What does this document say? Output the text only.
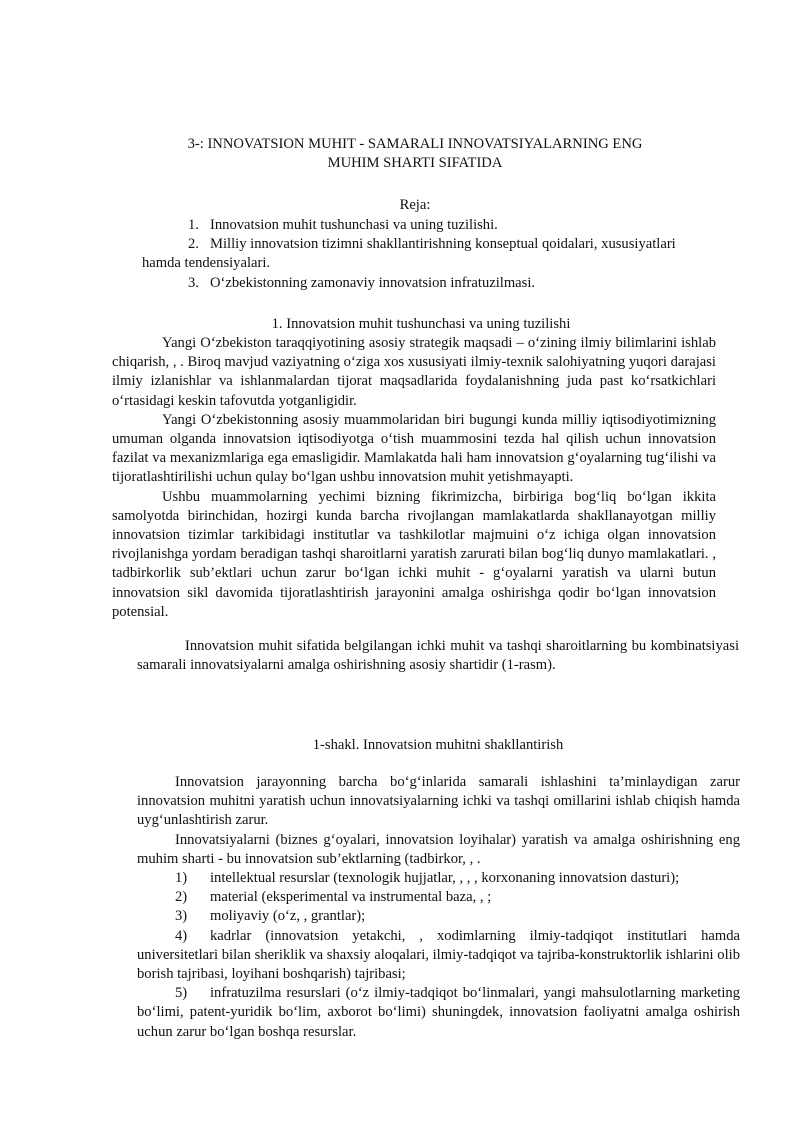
3-: INNOVATSION MUHIT - SAMARALI INNOVATSIYALARNING ENG
MUHIM SHARTI SIFATIDA
Reja:
1. Innovatsion muhit tushunchasi va uning tuzilishi.
2. Milliy innovatsion tizimni shakllantirishning konseptual qoidalari, xususiyatlari
hamda tendensiyalari.
3. O‘zbekistonning zamonaviy innovatsion infratuzilmasi.
1. Innovatsion muhit tushunchasi va uning tuzilishi

Yangi O‘zbekiston taraqqiyotining asosiy strategik maqsadi – o‘zining ilmiy bilimlarini ishlab chiqarish, , . Biroq mavjud vaziyatning o‘ziga xos xususiyati ilmiy-texnik salohiyatning yuqori darajasi ilmiy izlanishlar va ishlanmalardan tijorat maqsadlarida foydalanishning juda past ko‘rsatkichlari o‘rtasidagi keskin tafovutda yotganligidir.

Yangi O‘zbekistonning asosiy muammolaridan biri bugungi kunda milliy iqtisodiyotimizning umuman olganda innovatsion iqtisodiyotga o‘tish muammosini tezda hal qilish uchun innovatsion fazilat va mexanizmlariga ega emasligidir. Mamlakatda hali ham innovatsion g‘oyalarning tug‘ilishi va tijoratlashtirilishi uchun qulay bo‘lgan ushbu innovatsion muhit yetishmayapti.

Ushbu muammolarning yechimi bizning fikrimizcha, birbiriga bog‘liq bo‘lgan ikkita samolyotda birinchidan, hozirgi kunda barcha rivojlangan mamlakatlarda shakllanayotgan milliy innovatsion tizimlar tarkibidagi institutlar va tashkilotlar majmuini o‘z ichiga olgan innovatsion rivojlanishga yordam beradigan tashqi sharoitlarni yaratish zarurati bilan bog‘liq dunyo mamlakatlari. , tadbirkorlik sub’ektlari uchun zarur bo‘lgan ichki muhit - g‘oyalarni yaratish va ularni butun innovatsion sikl davomida tijoratlashtirish jarayonini amalga oshirishga qodir bo‘lgan innovatsion potensial.

Innovatsion muhit sifatida belgilangan ichki muhit va tashqi sharoitlarning bu kombinatsiyasi samarali innovatsiyalarni amalga oshirishning asosiy shartidir (1-rasm).

1-shakl. Innovatsion muhitni shakllantirish

Innovatsion jarayonning barcha bo‘g‘inlarida samarali ishlashini ta’minlaydigan zarur innovatsion muhitni yaratish uchun innovatsiyalarning ichki va tashqi omillarini ishlab chiqish hamda uyg‘unlashtirish zarur.

Innovatsiyalarni (biznes g‘oyalari, innovatsion loyihalar) yaratish va amalga oshirishning eng muhim sharti - bu innovatsion sub’ektlarning (tadbirkor, , .

1) intellektual resurslar (texnologik hujjatlar, , , , korxonaning innovatsion dasturi);
2) material (eksperimental va instrumental baza, , ;
3) moliyaviy (o‘z, , grantlar);
4) kadrlar (innovatsion yetakchi, , xodimlarning ilmiy-tadqiqot institutlari hamda universitetlari bilan sheriklik va shaxsiy aloqalari, ilmiy-tadqiqot va tajriba-konstruktorlik ishlarini olib borish tajribasi, loyihani boshqarish) tajribasi;
5) infratuzilma resurslari (o‘z ilmiy-tadqiqot bo‘linmalari, yangi mahsulotlarning marketing bo‘limi, patent-yuridik bo‘lim, axborot bo‘limi) shuningdek, innovatsion faoliyatni amalga oshirish uchun zarur bo‘lgan boshqa resurslar.
